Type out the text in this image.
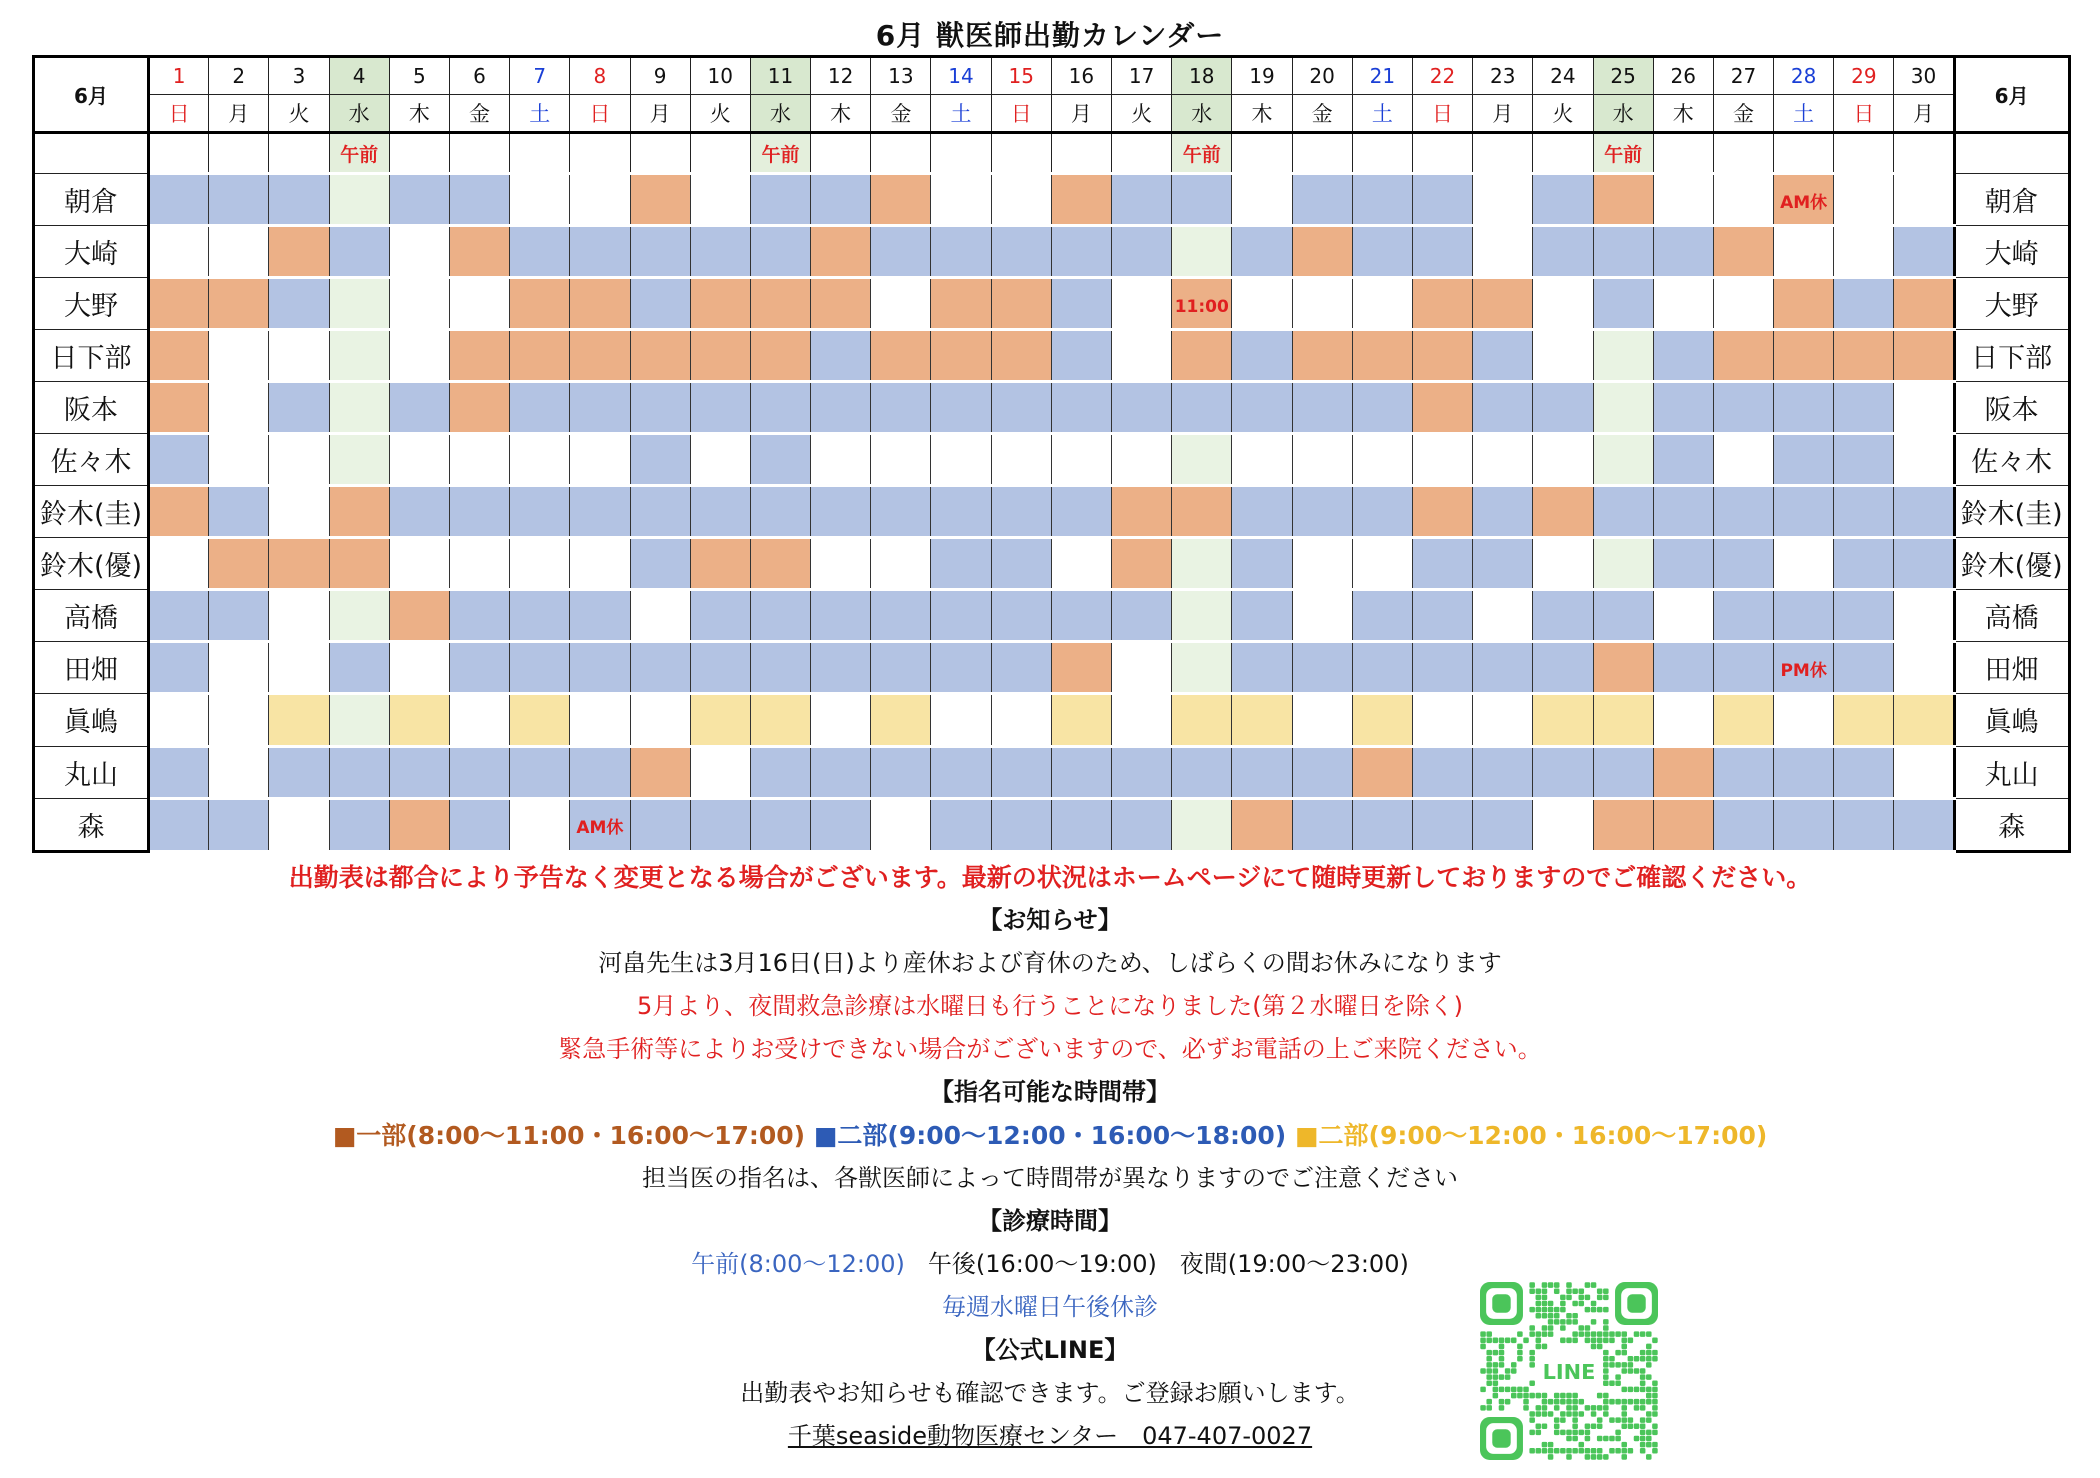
6月 獣医師出勤カレンダー
6月	1	2	3	4	5	6	7	8	9	10	11	12	13	14	15	16	17	18	19	20	21	22	23	24	25	26	27	28	29	30	6月
	日	月	火	水	木	金	土	日	月	火	水	木	金	土	日	月	火	水	木	金	土	日	月	火	水	木	金	土	日	月	
				午前							午前							午前							午前						
朝倉																												AM休			朝倉
大崎																															大崎
大野																		11:00													大野
日下部																															日下部
阪本																															阪本
佐々木																															佐々木
鈴木(圭)																															鈴木(圭)
鈴木(優)																															鈴木(優)
高橋																															高橋
田畑																												PM休			田畑
眞嶋																															眞嶋
丸山																															丸山
森								AM休																							森
出勤表は都合により予告なく変更となる場合がございます。最新の状況はホームページにて随時更新しておりますのでご確認ください。
【お知らせ】
河畠先生は3月16日(日)より産休および育休のため、しばらくの間お休みになります
5月より、夜間救急診療は水曜日も行うことになりました(第２水曜日を除く)
緊急手術等によりお受けできない場合がございますので、必ずお電話の上ご来院ください。
【指名可能な時間帯】
■一部(8:00～11:00・16:00～17:00) ■二部(9:00～12:00・16:00～18:00) ■二部(9:00～12:00・16:00～17:00)
担当医の指名は、各獣医師によって時間帯が異なりますのでご注意ください
【診療時間】
午前(8:00～12:00) 午後(16:00～19:00) 夜間(19:00～23:00)
毎週水曜日午後休診
【公式LINE】
出勤表やお知らせも確認できます。ご登録お願いします。
千葉seaside動物医療センター　047-407-0027
LINE
